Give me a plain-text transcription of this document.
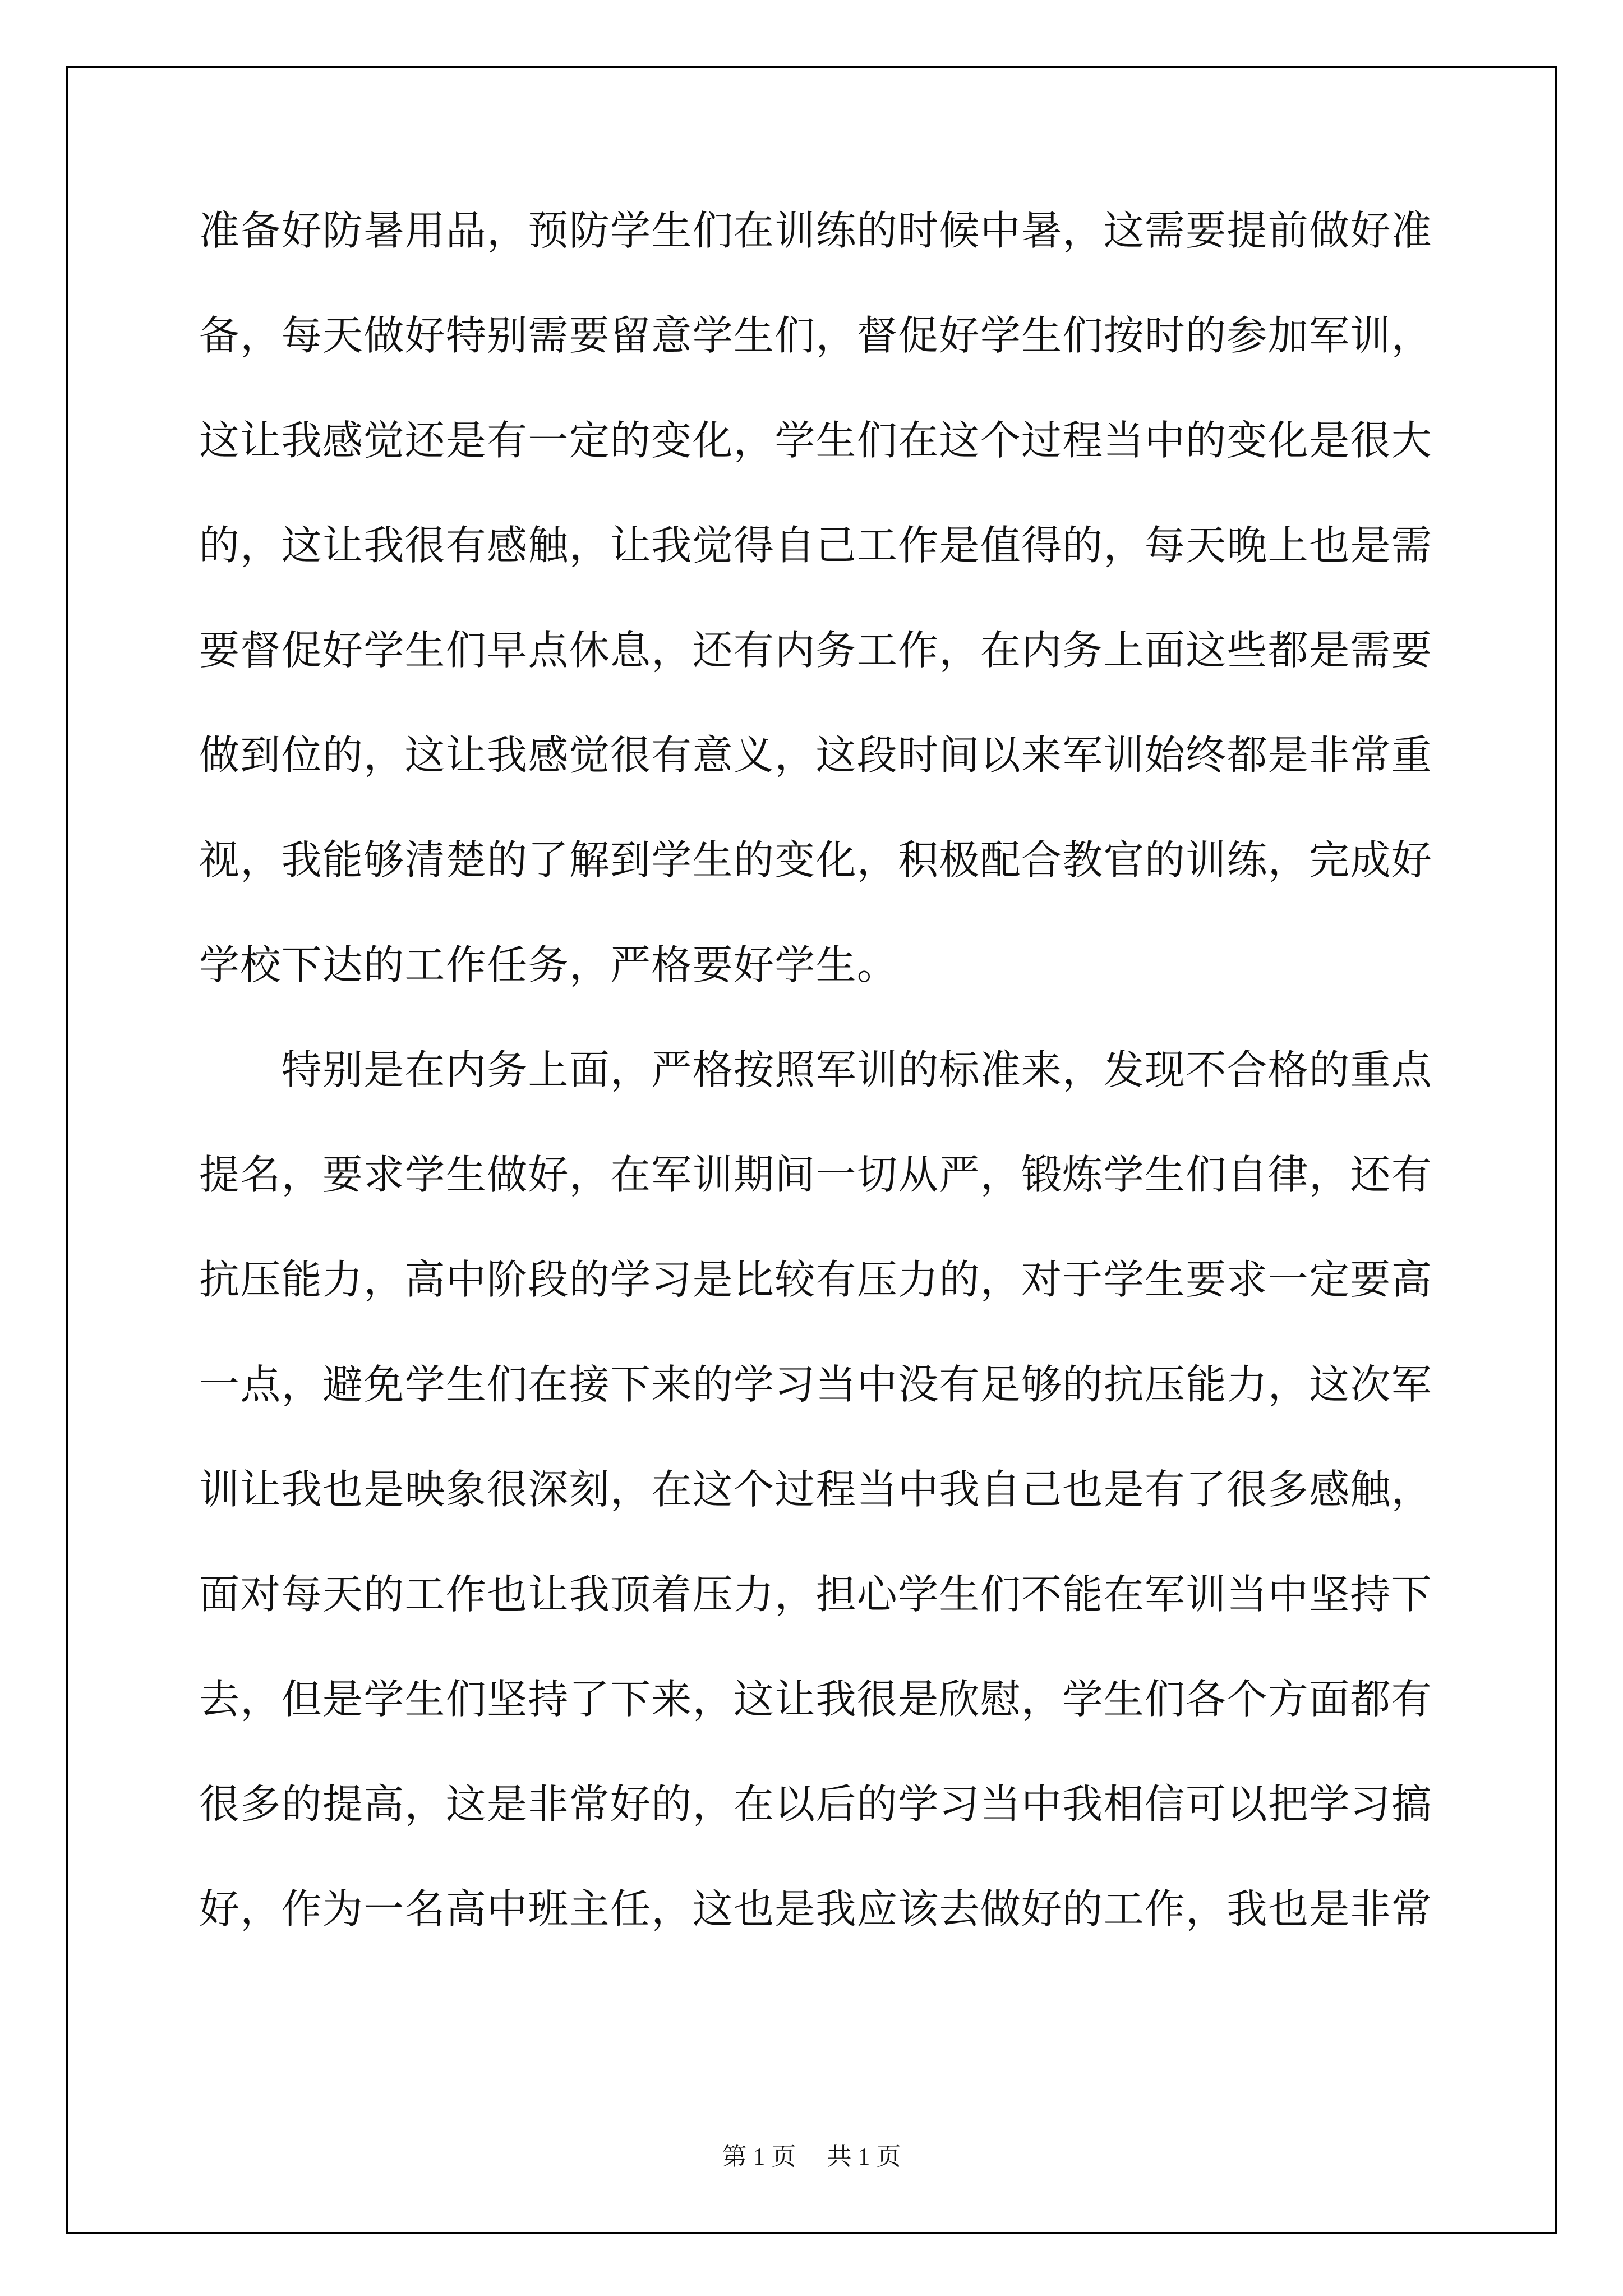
准备好防暑用品，预防学生们在训练的时候中暑，这需要提前做好准
备，每天做好特别需要留意学生们，督促好学生们按时的参加军训，
这让我感觉还是有一定的变化，学生们在这个过程当中的变化是很大
的，这让我很有感触，让我觉得自己工作是值得的，每天晚上也是需
要督促好学生们早点休息，还有内务工作，在内务上面这些都是需要
做到位的，这让我感觉很有意义，这段时间以来军训始终都是非常重
视，我能够清楚的了解到学生的变化，积极配合教官的训练，完成好
学校下达的工作任务，严格要好学生。
　　特别是在内务上面，严格按照军训的标准来，发现不合格的重点
提名，要求学生做好，在军训期间一切从严，锻炼学生们自律，还有
抗压能力，高中阶段的学习是比较有压力的，对于学生要求一定要高
一点，避免学生们在接下来的学习当中没有足够的抗压能力，这次军
训让我也是映象很深刻，在这个过程当中我自己也是有了很多感触，
面对每天的工作也让我顶着压力，担心学生们不能在军训当中坚持下
去，但是学生们坚持了下来，这让我很是欣慰，学生们各个方面都有
很多的提高，这是非常好的，在以后的学习当中我相信可以把学习搞
好，作为一名高中班主任，这也是我应该去做好的工作，我也是非常
第 1 页　 共 1 页
